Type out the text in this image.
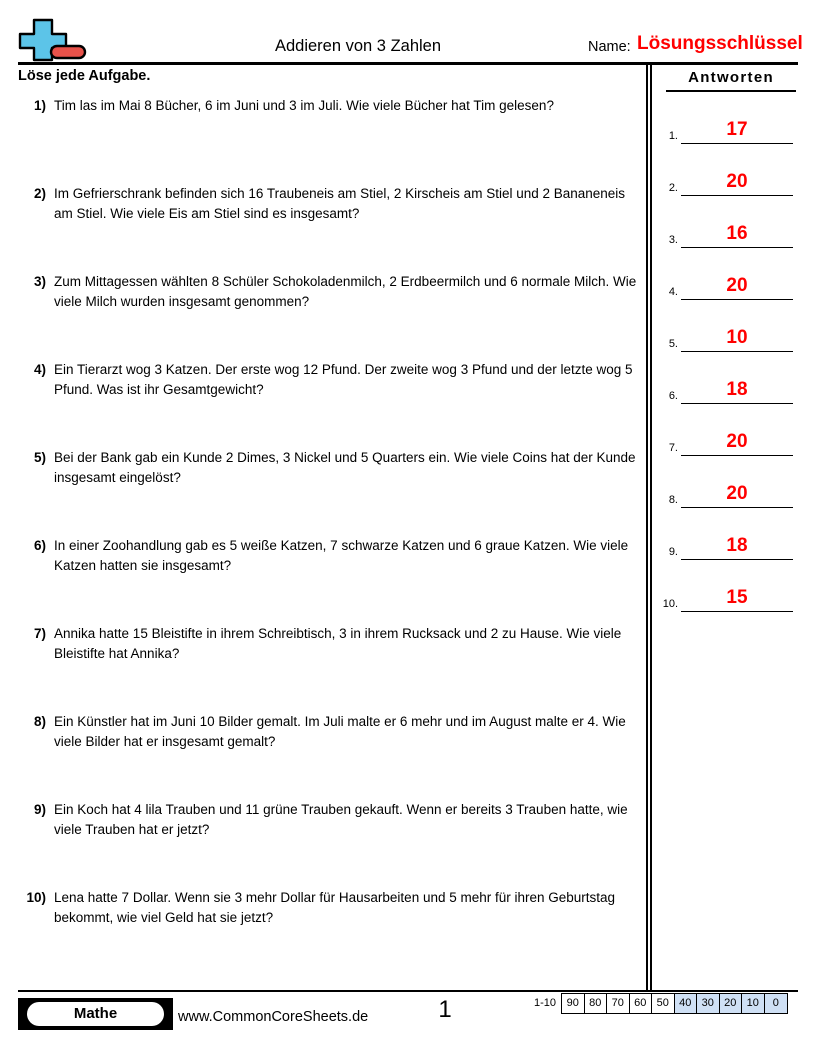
Addieren von 3 Zahlen	Name: Lösungsschlüssel
Löse jede Aufgabe.
1) Tim las im Mai 8 Bücher, 6 im Juni und 3 im Juli. Wie viele Bücher hat Tim gelesen?
2) Im Gefrierschrank befinden sich 16 Traubeneis am Stiel, 2 Kirscheis am Stiel und 2 Bananeneis am Stiel. Wie viele Eis am Stiel sind es insgesamt?
3) Zum Mittagessen wählten 8 Schüler Schokoladenmilch, 2 Erdbeermilch und 6 normale Milch. Wie viele Milch wurden insgesamt genommen?
4) Ein Tierarzt wog 3 Katzen. Der erste wog 12 Pfund. Der zweite wog 3 Pfund und der letzte wog 5 Pfund. Was ist ihr Gesamtgewicht?
5) Bei der Bank gab ein Kunde 2 Dimes, 3 Nickel und 5 Quarters ein. Wie viele Coins hat der Kunde insgesamt eingelöst?
6) In einer Zoohandlung gab es 5 weiße Katzen, 7 schwarze Katzen und 6 graue Katzen. Wie viele Katzen hatten sie insgesamt?
7) Annika hatte 15 Bleistifte in ihrem Schreibtisch, 3 in ihrem Rucksack und 2 zu Hause. Wie viele Bleistifte hat Annika?
8) Ein Künstler hat im Juni 10 Bilder gemalt. Im Juli malte er 6 mehr und im August malte er 4. Wie viele Bilder hat er insgesamt gemalt?
9) Ein Koch hat 4 lila Trauben und 11 grüne Trauben gekauft. Wenn er bereits 3 Trauben hatte, wie viele Trauben hat er jetzt?
10) Lena hatte 7 Dollar. Wenn sie 3 mehr Dollar für Hausarbeiten und 5 mehr für ihren Geburtstag bekommt, wie viel Geld hat sie jetzt?
Antworten
1.	17
2.	20
3.	16
4.	20
5.	10
6.	18
7.	20
8.	20
9.	18
10.	15
Mathe	www.CommonCoreSheets.de	1	1-10 90 80 70 60 50 40 30 20 10	0
